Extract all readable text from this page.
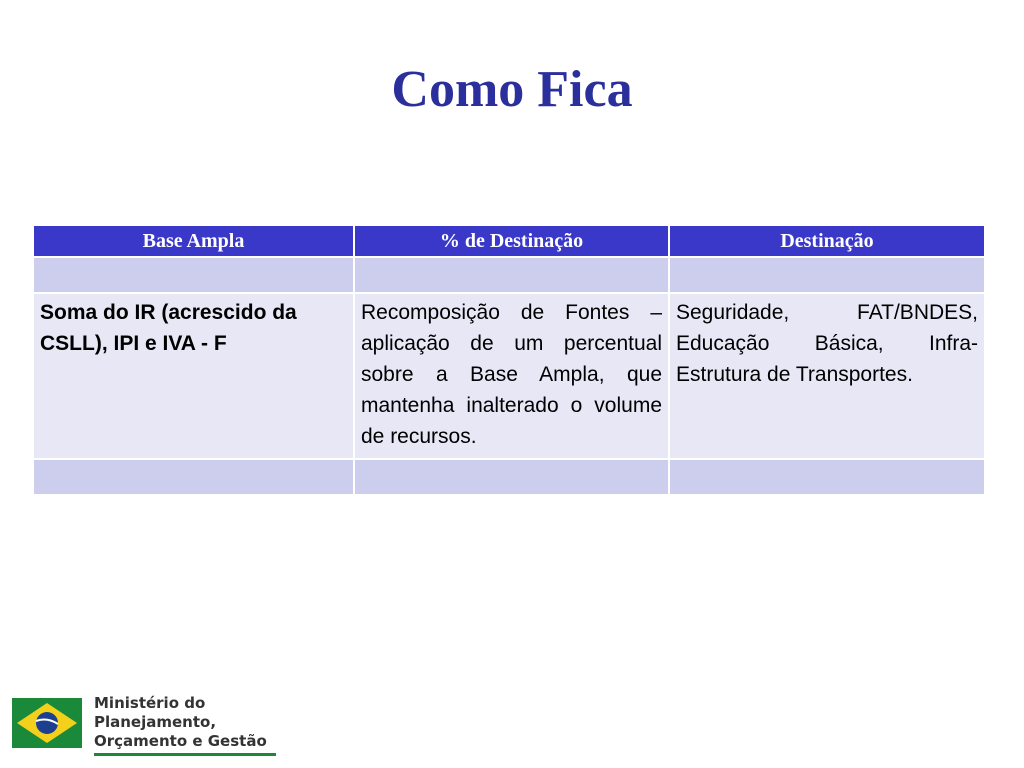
Como Fica
Base Ampla	% de Destinação	Destinação

Soma do IR (acrescido da CSLL), IPI e IVA - F	Recomposição de Fontes – aplicação de um percentual sobre a Base Ampla, que mantenha inalterado o volume de recursos.	Seguridade, FAT/BNDES, Educação Básica, Infra-Estrutura de Transportes.

Ministério do
Planejamento,
Orçamento e Gestão
